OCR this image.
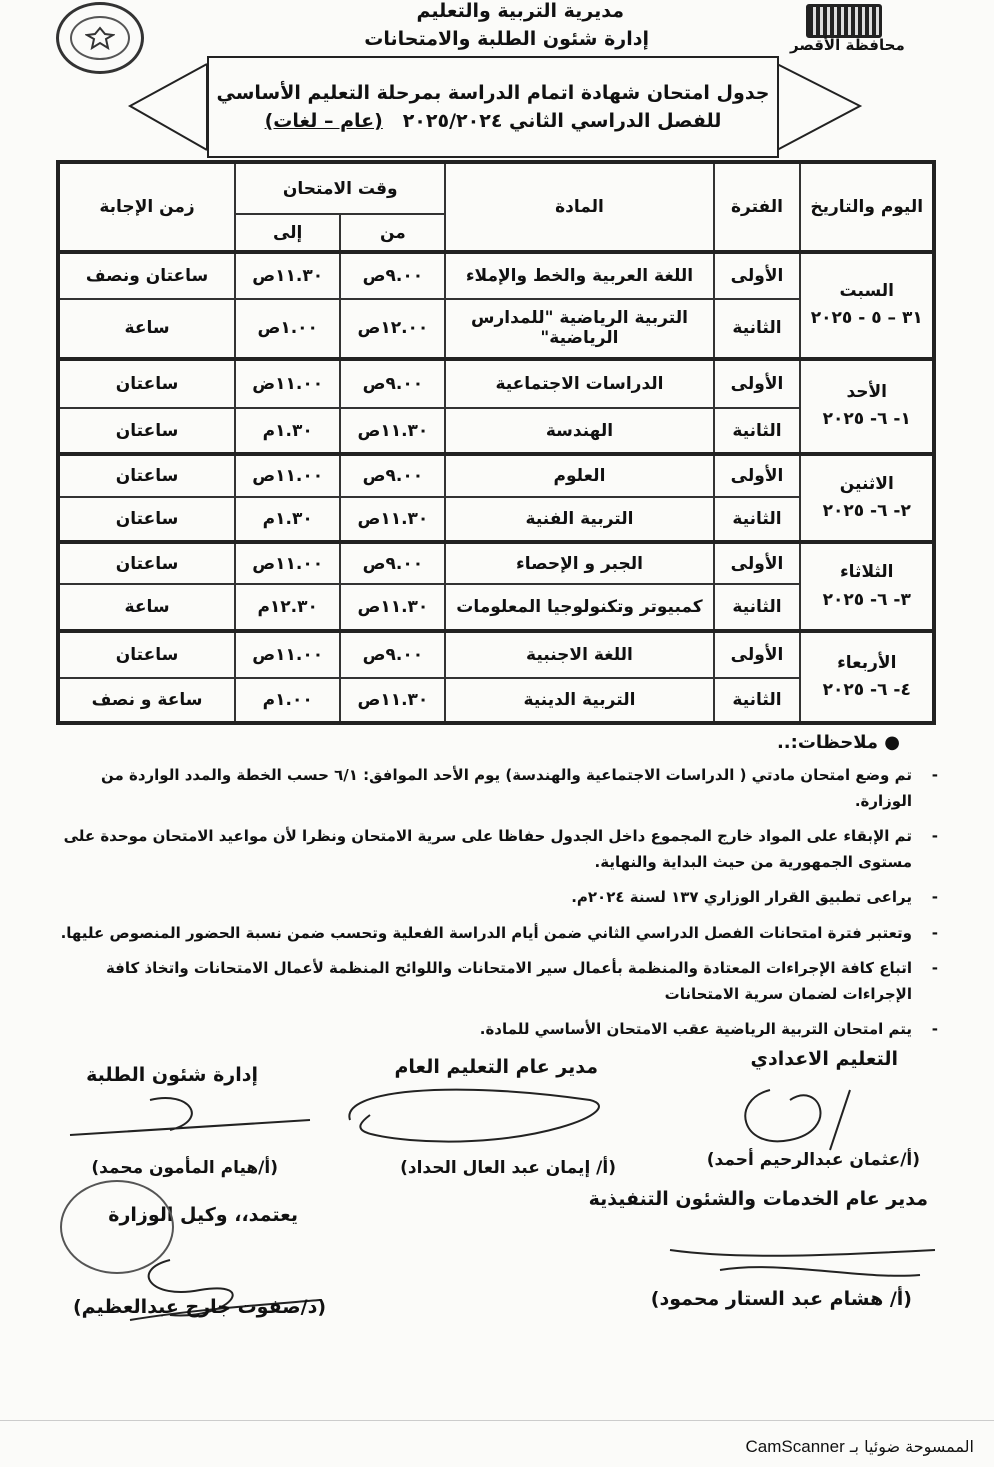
مديرية التربية والتعليم
إدارة شئون الطلبة والامتحانات	محافظة الأقصر
جدول امتحان شهادة اتمام الدراسة بمرحلة التعليم الأساسي
للفصل الدراسي الثاني ٢٠٢٥/٢٠٢٤   (عام – لغات)
اليوم والتاريخ	الفترة	المادة	وقت الامتحان		زمن الإجابة
			من	إلى	

السبت
٣١ – ٥ - ٢٠٢٥	الأولى	اللغة العربية والخط والإملاء	٩.٠٠ص	١١.٣٠ص	ساعتان ونصف
	الثانية	التربية الرياضية "للمدارس الرياضية"	١٢.٠٠ص	١.٠٠ص	ساعة

الأحد
١- ٦- ٢٠٢٥	الأولى	الدراسات الاجتماعية	٩.٠٠ص	١١.٠٠ض	ساعتان
	الثانية	الهندسة	١١.٣٠ص	١.٣٠م	ساعتان

الاثنين
٢- ٦- ٢٠٢٥	الأولى	العلوم	٩.٠٠ص	١١.٠٠ص	ساعتان
	الثانية	التربية الفنية	١١.٣٠ص	١.٣٠م	ساعتان

الثلاثاء
٣- ٦- ٢٠٢٥	الأولى	الجبر و الإحصاء	٩.٠٠ص	١١.٠٠ص	ساعتان
	الثانية	كمبيوتر وتكنولوجيا المعلومات	١١.٣٠ص	١٢.٣٠م	ساعة

الأربعاء
٤- ٦- ٢٠٢٥	الأولى	اللغة الاجنبية	٩.٠٠ص	١١.٠٠ص	ساعتان
	الثانية	التربية الدينية	١١.٣٠ص	١.٠٠م	ساعة و نصف
● ملاحظات:..
- تم وضع امتحان مادتي ( الدراسات الاجتماعية والهندسة) يوم الأحد الموافق: ٦/١ حسب الخطة والمدد الواردة من الوزارة.
- تم الإبقاء على المواد خارج المجموع داخل الجدول حفاظا على سرية الامتحان ونظرا لأن مواعيد الامتحان موحدة على مستوى الجمهورية من حيث البداية والنهاية.
- يراعى تطبيق القرار الوزاري ١٣٧ لسنة ٢٠٢٤م.
- وتعتبر فترة امتحانات الفصل الدراسي الثاني ضمن أيام الدراسة الفعلية وتحسب ضمن نسبة الحضور المنصوص عليها.
- اتباع كافة الإجراءات المعتادة والمنظمة بأعمال سير الامتحانات واللوائح المنظمة لأعمال الامتحانات واتخاذ كافة الإجراءات لضمان سرية الامتحانات
- يتم امتحان التربية الرياضية عقب الامتحان الأساسي للمادة.
التعليم الاعدادي
مدير عام التعليم العام
إدارة شئون الطلبة
(أ/عثمان عبدالرحيم أحمد)
(أ/ إيمان عبد العال الحداد)
(أ/هيام المأمون محمد)
مدير عام الخدمات والشئون التنفيذية
يعتمد،، وكيل الوزارة
(أ/ هشام عبد الستار محمود)
(د/صفوت جارح عبدالعظيم)
الممسوحة ضوئيا بـ CamScanner
